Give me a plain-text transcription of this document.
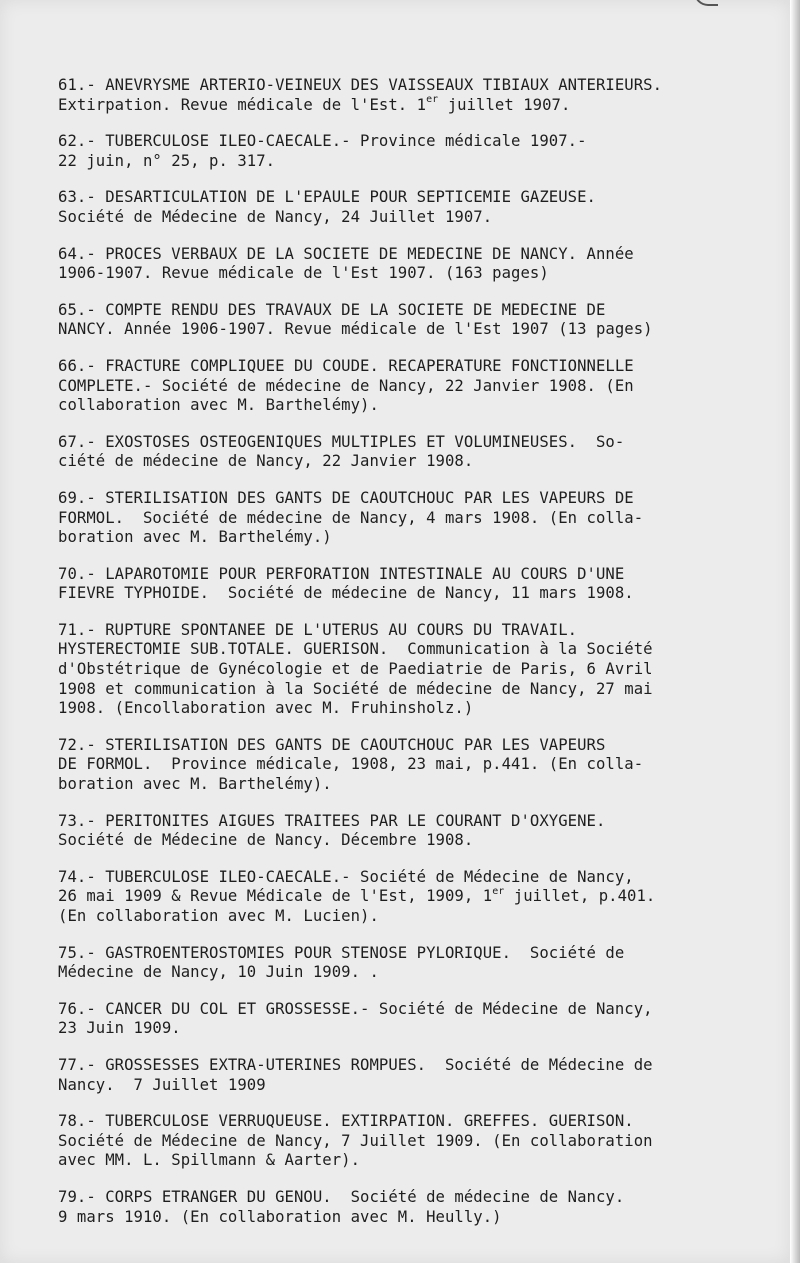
61.- ANEVRYSME ARTERIO-VEINEUX DES VAISSEAUX TIBIAUX ANTERIEURS.
Extirpation. Revue médicale de l'Est. 1er juillet 1907.
62.- TUBERCULOSE ILEO-CAECALE.- Province médicale 1907.-
22 juin, n° 25, p. 317.
63.- DESARTICULATION DE L'EPAULE POUR SEPTICEMIE GAZEUSE.
Société de Médecine de Nancy, 24 Juillet 1907.
64.- PROCES VERBAUX DE LA SOCIETE DE MEDECINE DE NANCY. Année
1906-1907. Revue médicale de l'Est 1907. (163 pages)
65.- COMPTE RENDU DES TRAVAUX DE LA SOCIETE DE MEDECINE DE
NANCY. Année 1906-1907. Revue médicale de l'Est 1907 (13 pages)
66.- FRACTURE COMPLIQUEE DU COUDE. RECAPERATURE FONCTIONNELLE
COMPLETE.- Société de médecine de Nancy, 22 Janvier 1908. (En
collaboration avec M. Barthelémy).
67.- EXOSTOSES OSTEOGENIQUES MULTIPLES ET VOLUMINEUSES.  So-
ciété de médecine de Nancy, 22 Janvier 1908.
69.- STERILISATION DES GANTS DE CAOUTCHOUC PAR LES VAPEURS DE
FORMOL.  Société de médecine de Nancy, 4 mars 1908. (En colla-
boration avec M. Barthelémy.)
70.- LAPAROTOMIE POUR PERFORATION INTESTINALE AU COURS D'UNE
FIEVRE TYPHOIDE.  Société de médecine de Nancy, 11 mars 1908.
71.- RUPTURE SPONTANEE DE L'UTERUS AU COURS DU TRAVAIL.
HYSTERECTOMIE SUB.TOTALE. GUERISON.  Communication à la Société
d'Obstétrique de Gynécologie et de Paediatrie de Paris, 6 Avril
1908 et communication à la Société de médecine de Nancy, 27 mai
1908. (Encollaboration avec M. Fruhinsholz.)
72.- STERILISATION DES GANTS DE CAOUTCHOUC PAR LES VAPEURS
DE FORMOL.  Province médicale, 1908, 23 mai, p.441. (En colla-
boration avec M. Barthelémy).
73.- PERITONITES AIGUES TRAITEES PAR LE COURANT D'OXYGENE.
Société de Médecine de Nancy. Décembre 1908.
74.- TUBERCULOSE ILEO-CAECALE.- Société de Médecine de Nancy,
26 mai 1909 & Revue Médicale de l'Est, 1909, 1er juillet, p.401.
(En collaboration avec M. Lucien).
75.- GASTROENTEROSTOMIES POUR STENOSE PYLORIQUE.  Société de
Médecine de Nancy, 10 Juin 1909. .
76.- CANCER DU COL ET GROSSESSE.- Société de Médecine de Nancy,
23 Juin 1909.
77.- GROSSESSES EXTRA-UTERINES ROMPUES.  Société de Médecine de
Nancy.  7 Juillet 1909
78.- TUBERCULOSE VERRUQUEUSE. EXTIRPATION. GREFFES. GUERISON.
Société de Médecine de Nancy, 7 Juillet 1909. (En collaboration
avec MM. L. Spillmann & Aarter).
79.- CORPS ETRANGER DU GENOU.  Société de médecine de Nancy.
9 mars 1910. (En collaboration avec M. Heully.)
